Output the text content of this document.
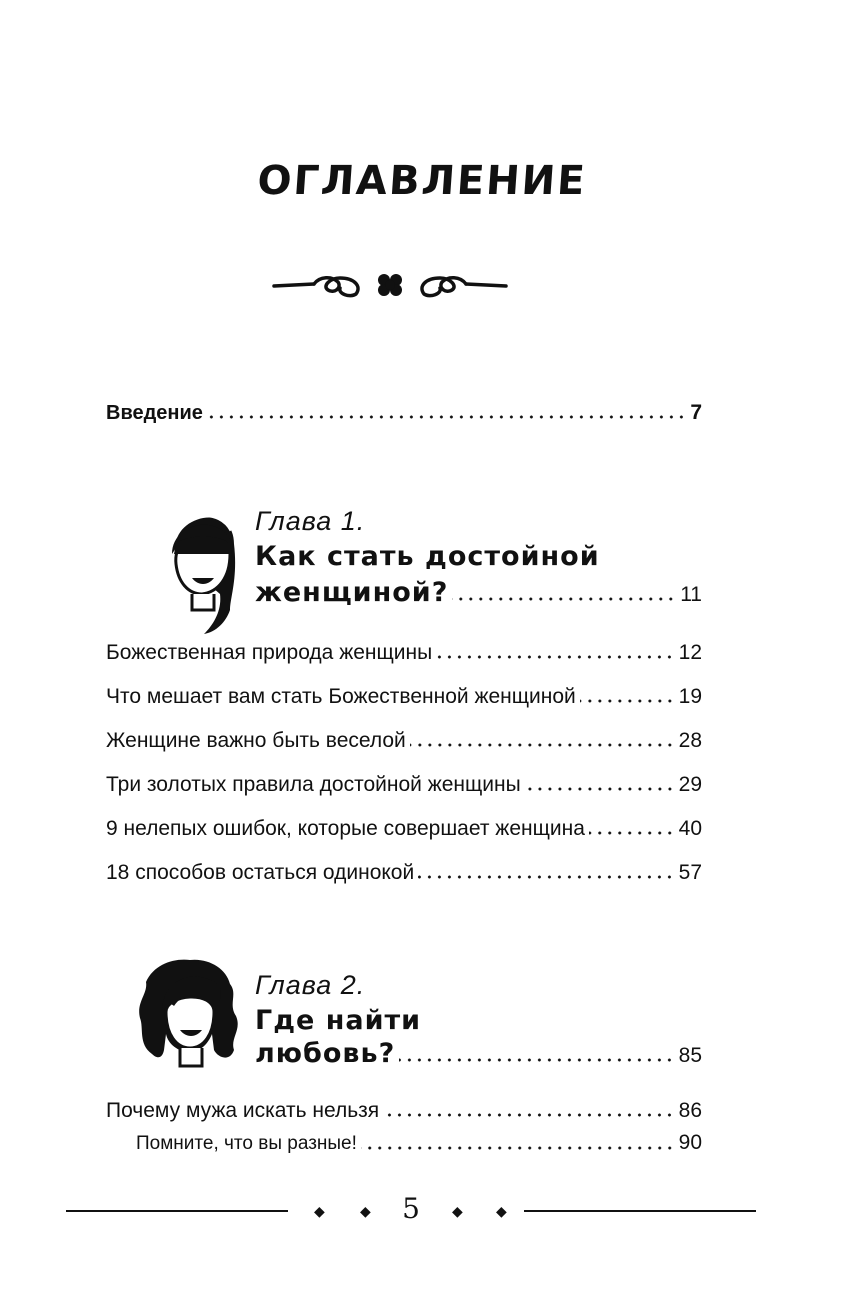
ОГЛАВЛЕНИЕ
Введение	7
Глава 1.
Как стать достойной
женщиной?	11
Божественная природа женщины	12
Что мешает вам стать Божественной женщиной	19
Женщине важно быть веселой	28
Три золотых правила достойной женщины	29
9 нелепых ошибок, которые совершает женщина	40
18 способов остаться одинокой	57
Глава 2.
Где найти
любовь?	85
Почему мужа искать нельзя	86
Помните, что вы разные!	90
◆	◆ 5 ◆ ◆
